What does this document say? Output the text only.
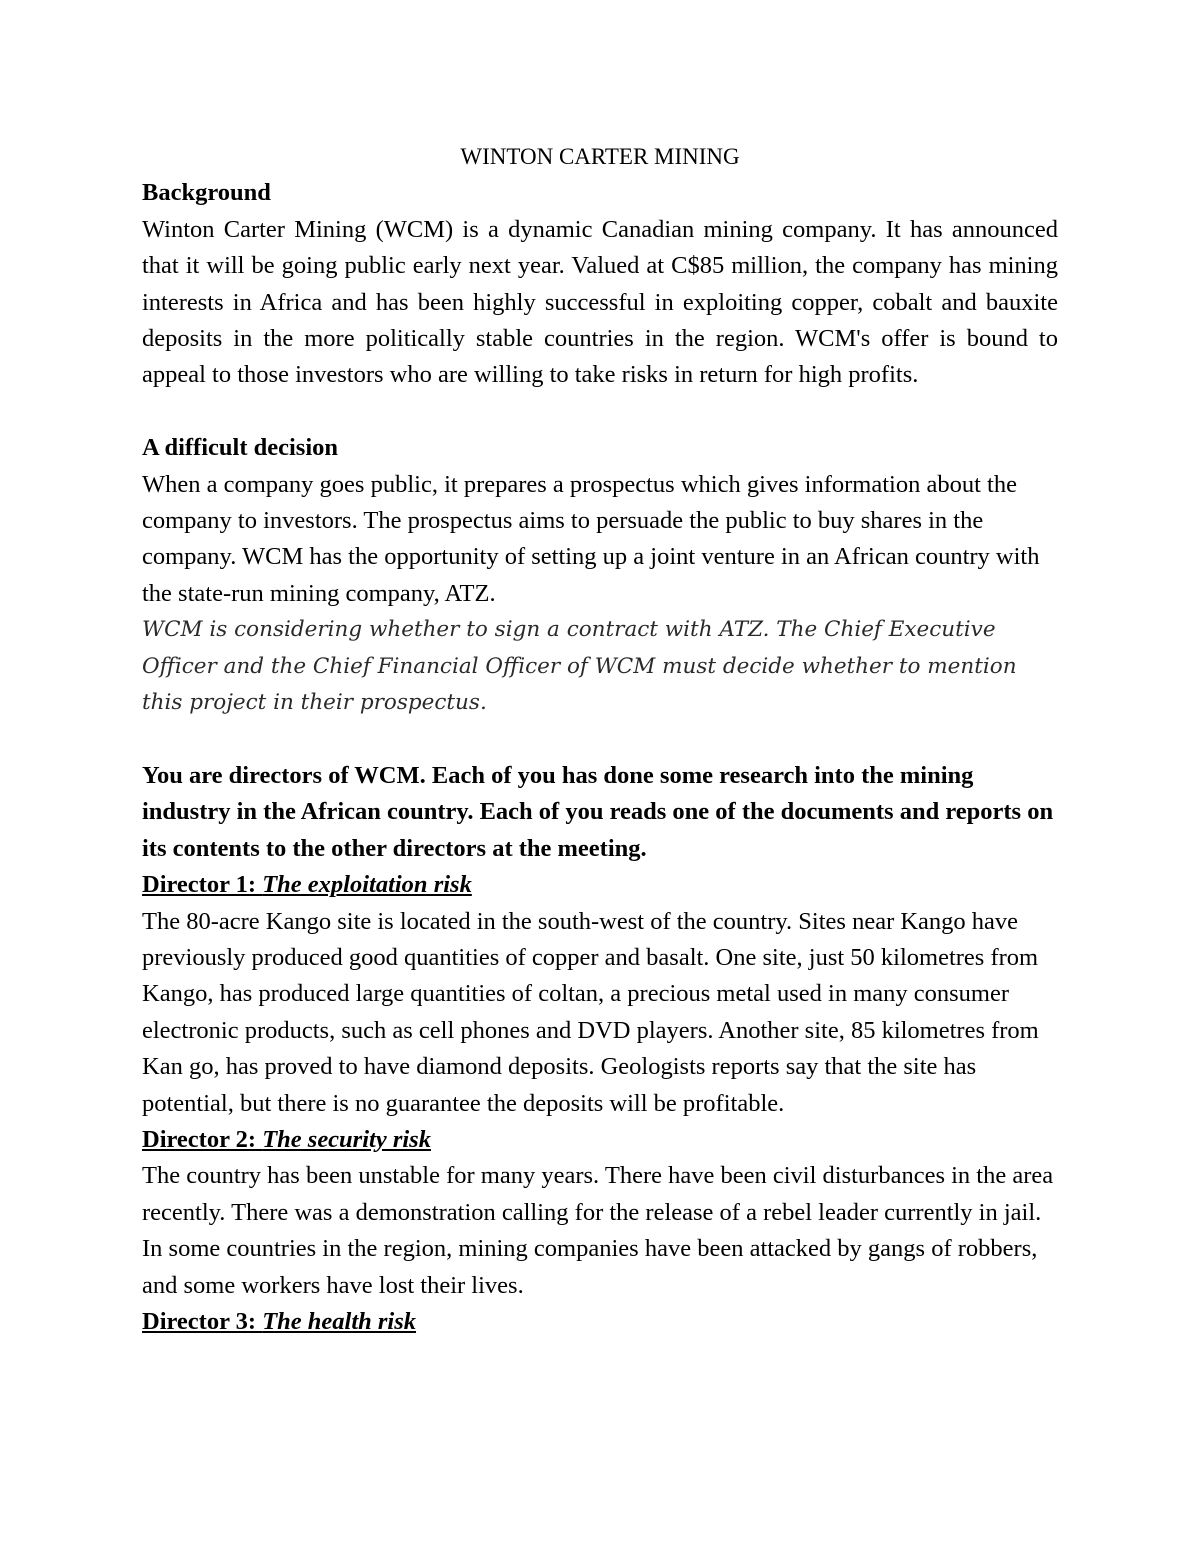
WINTON CARTER MINING

Background

Winton Carter Mining (WCM) is a dynamic Canadian mining company. It has announced that it will be going public early next year. Valued at C$85 million, the company has mining interests in Africa and has been highly successful in exploiting copper, cobalt and bauxite deposits in the more politically stable countries in the region. WCM's offer is bound to appeal to those investors who are willing to take risks in return for high profits.

A difficult decision

When a company goes public, it prepares a prospectus which gives information about the company to investors. The prospectus aims to persuade the public to buy shares in the company. WCM has the opportunity of setting up a joint venture in an African country with the state-run mining company, ATZ.

WCM is considering whether to sign a contract with ATZ. The Chief Executive Officer and the Chief Financial Officer of WCM must decide whether to mention this project in their prospectus.

You are directors of WCM. Each of you has done some research into the mining industry in the African country. Each of you reads one of the documents and reports on its contents to the other directors at the meeting.

Director 1: The exploitation risk

The 80-acre Kango site is located in the south-west of the country. Sites near Kango have previously produced good quantities of copper and basalt. One site, just 50 kilometres from Kango, has produced large quantities of coltan, a precious metal used in many consumer electronic products, such as cell phones and DVD players. Another site, 85 kilometres from Kan go, has proved to have diamond deposits. Geologists reports say that the site has potential, but there is no guarantee the deposits will be profitable.

Director 2: The security risk

The country has been unstable for many years. There have been civil disturbances in the area recently. There was a demonstration calling for the release of a rebel leader currently in jail. In some countries in the region, mining companies have been attacked by gangs of robbers, and some workers have lost their lives.

Director 3: The health risk
